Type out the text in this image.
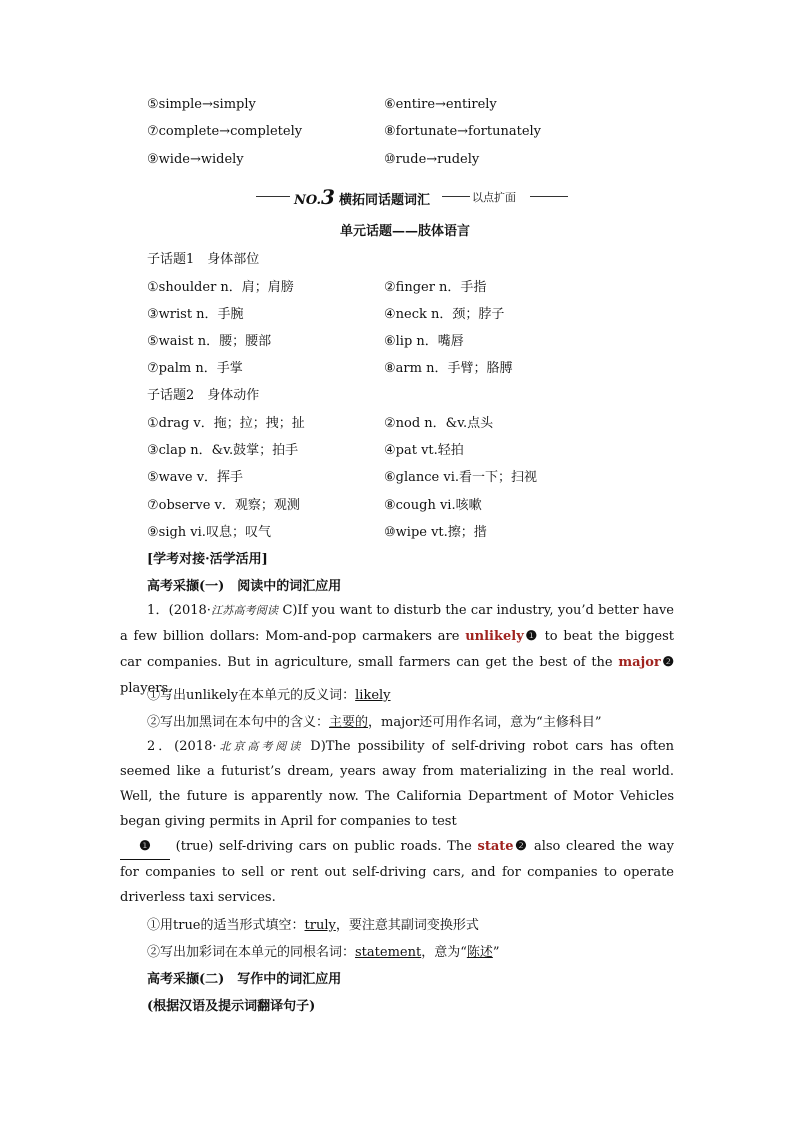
⑤simple→simply	⑥entire→entirely
⑦complete→completely	⑧fortunate→fortunately
⑨wide→widely	⑩rude→rudely
NO.3 横拓同话题词汇	以点扩面
单元话题——肢体语言
子话题1　身体部位
①shoulder n．肩；肩膀	②finger n．手指
③wrist n．手腕	④neck n．颈；脖子
⑤waist n．腰；腰部	⑥lip n．嘴唇
⑦palm n．手掌	⑧arm n．手臂；胳膊
子话题2　身体动作
①drag v．拖；拉；拽；扯	②nod n．&v.点头
③clap n．&v.鼓掌；拍手	④pat vt.轻拍
⑤wave v．挥手	⑥glance vi.看一下；扫视
⑦observe v．观察；观测	⑧cough vi.咳嗽
⑨sigh vi.叹息；叹气	⑩wipe vt.擦；揩
[学考对接·活学活用]
高考采撷(一)　阅读中的词汇应用
1．(2018·江苏高考阅读 C)If you want to disturb the car industry, you’d better have a few billion dollars: Mom-and-pop carmakers are unlikely❶ to beat the biggest car companies. But in agriculture, small farmers can get the best of the major❷ players.
①写出unlikely在本单元的反义词：likely
②写出加黑词在本句中的含义：主要的，major还可用作名词，意为“主修科目”
2．(2018·北京高考阅读 D)The possibility of self-driving robot cars has often seemed like a futurist’s dream, years away from materializing in the real world. Well, the future is apparently now. The California Department of Motor Vehicles began giving permits in April for companies to test
❶ (true) self-driving cars on public roads. The state❷ also cleared the way for companies to sell or rent out self-driving cars, and for companies to operate driverless taxi services.
①用true的适当形式填空：truly，要注意其副词变换形式
②写出加彩词在本单元的同根名词：statement，意为“陈述”
高考采撷(二)　写作中的词汇应用
(根据汉语及提示词翻译句子)
